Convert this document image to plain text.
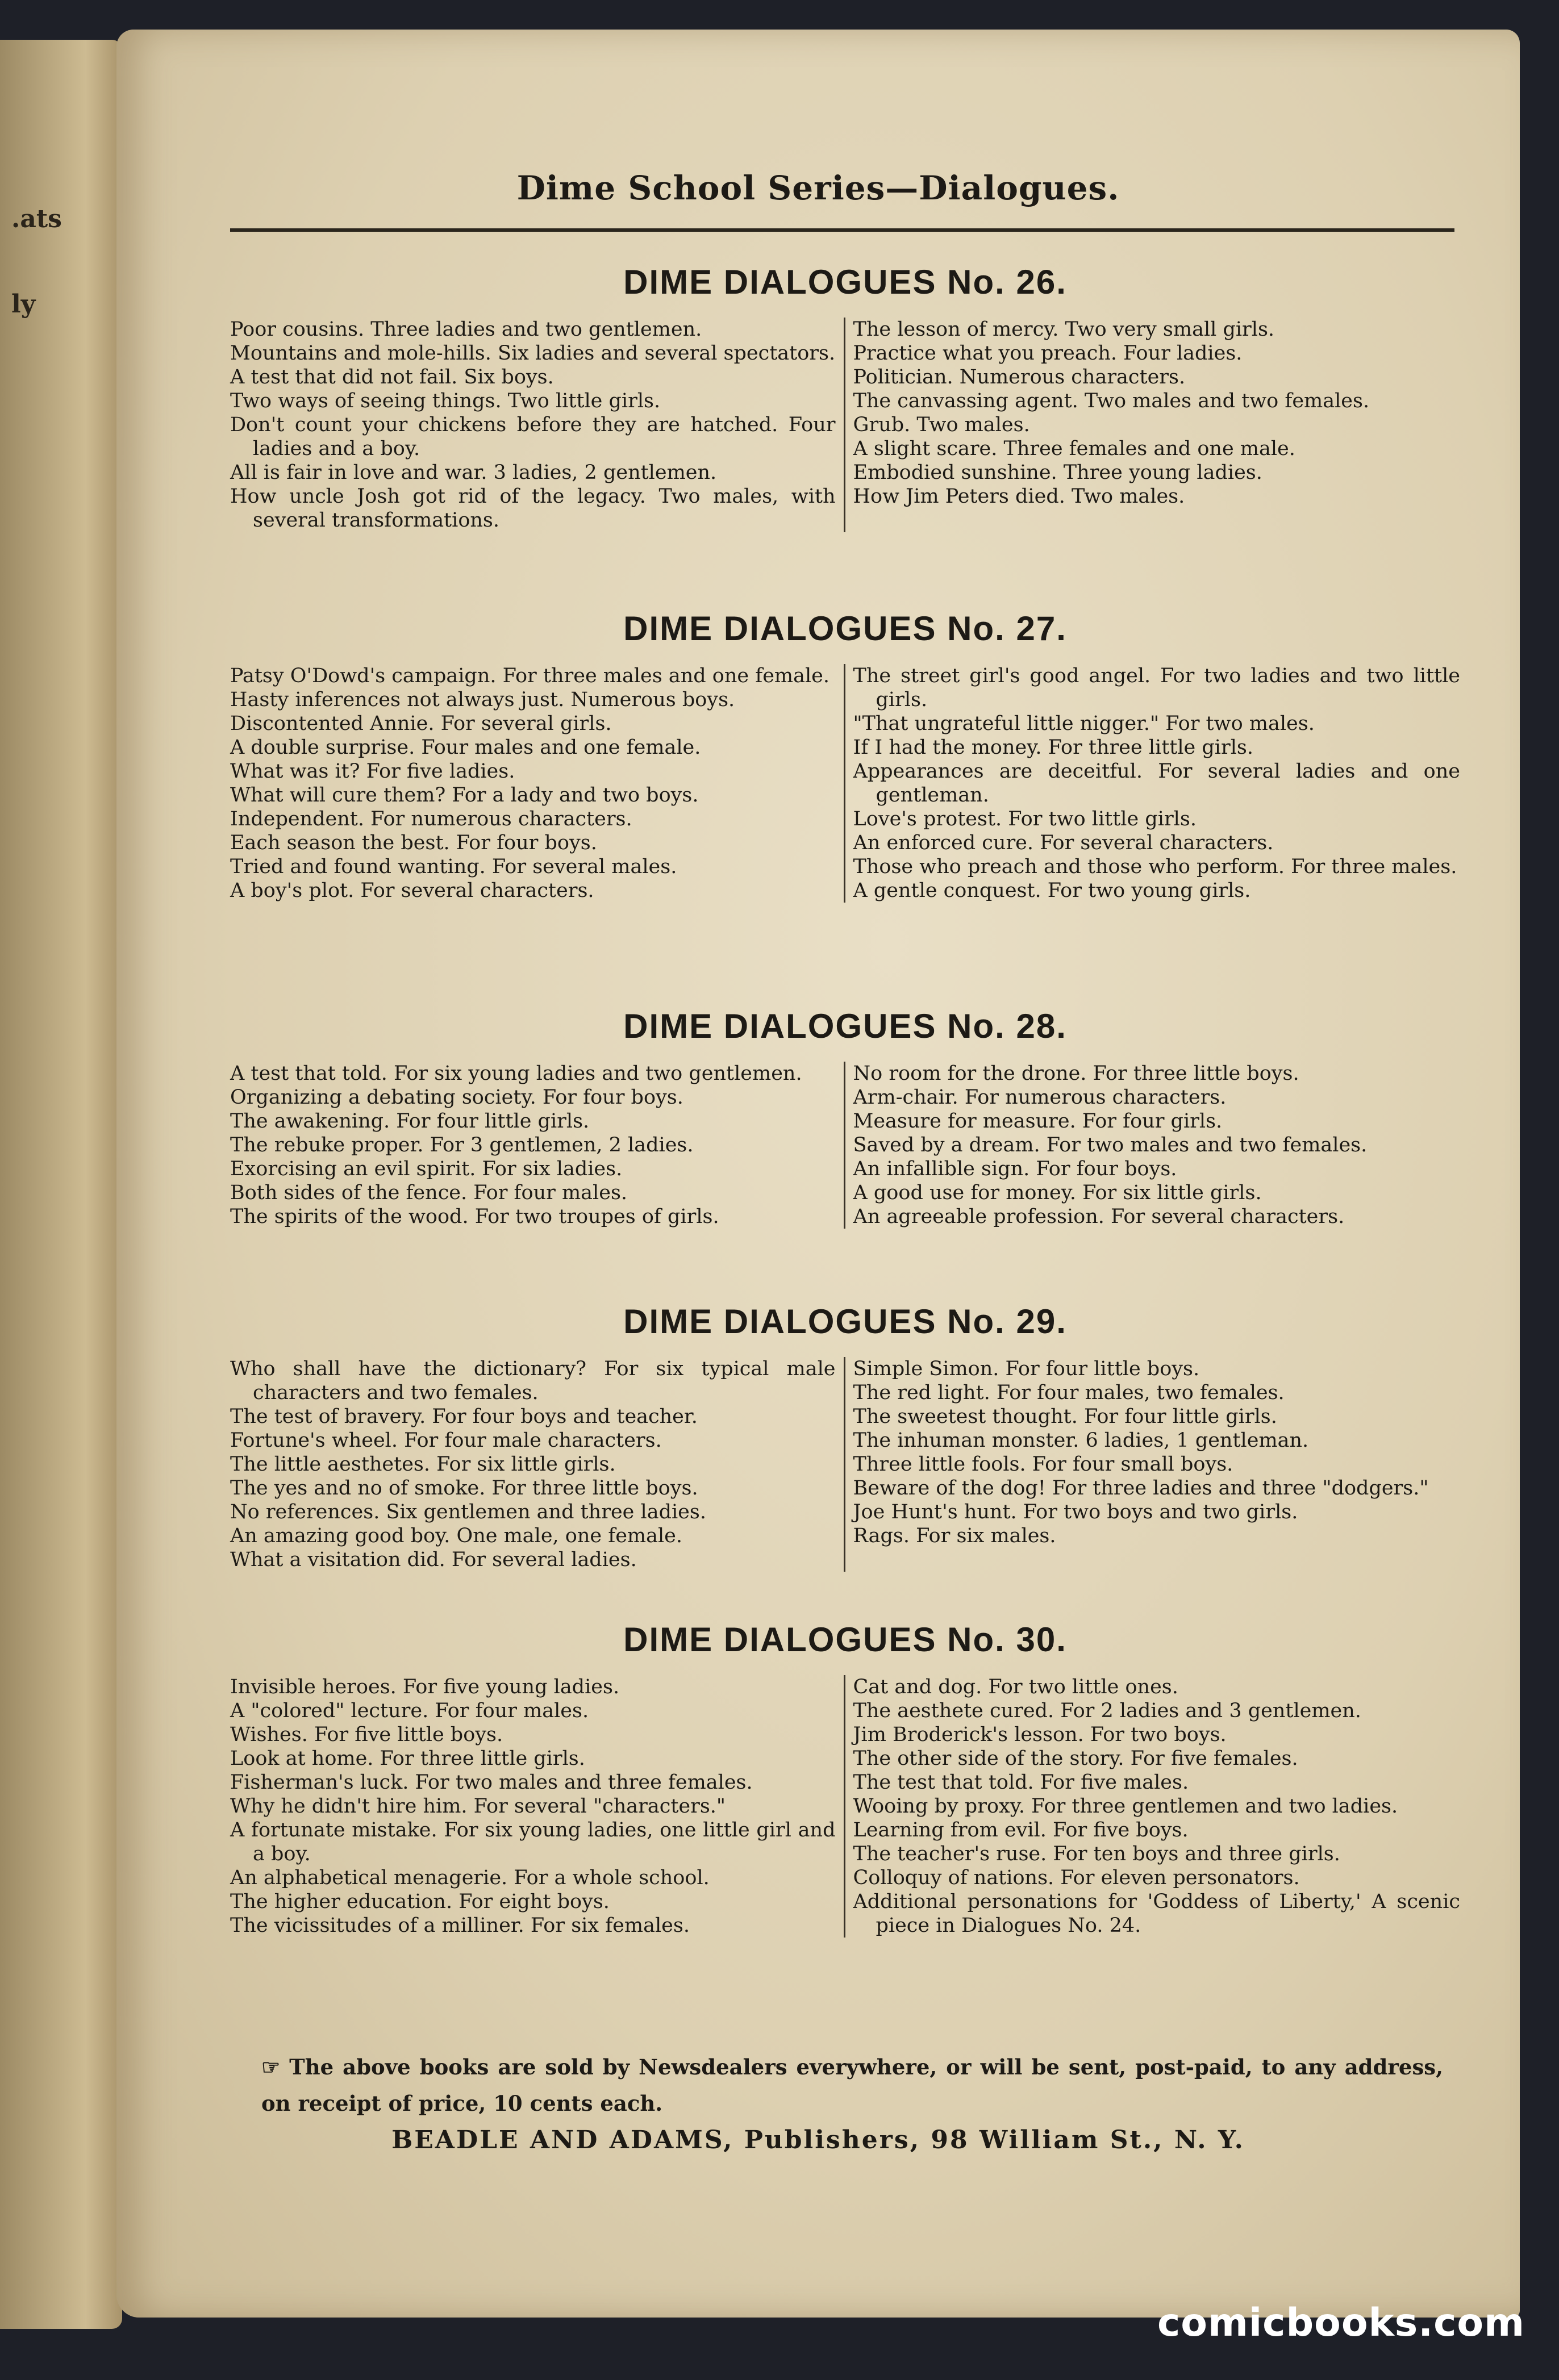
.ats
ly
Dime School Series—Dialogues.
DIME DIALOGUES No. 26.
Poor cousins. Three ladies and two gentlemen.
Mountains and mole-hills. Six ladies and several spectators.
A test that did not fail. Six boys.
Two ways of seeing things. Two little girls.
Don't count your chickens before they are hatched. Four ladies and a boy.
All is fair in love and war. 3 ladies, 2 gentlemen.
How uncle Josh got rid of the legacy. Two males, with several transformations.
The lesson of mercy. Two very small girls.
Practice what you preach. Four ladies.
Politician. Numerous characters.
The canvassing agent. Two males and two females.
Grub. Two males.
A slight scare. Three females and one male.
Embodied sunshine. Three young ladies.
How Jim Peters died. Two males.
DIME DIALOGUES No. 27.
Patsy O'Dowd's campaign. For three males and one female.
Hasty inferences not always just. Numerous boys.
Discontented Annie. For several girls.
A double surprise. Four males and one female.
What was it? For five ladies.
What will cure them? For a lady and two boys.
Independent. For numerous characters.
Each season the best. For four boys.
Tried and found wanting. For several males.
A boy's plot. For several characters.
The street girl's good angel. For two ladies and two little girls.
"That ungrateful little nigger." For two males.
If I had the money. For three little girls.
Appearances are deceitful. For several ladies and one gentleman.
Love's protest. For two little girls.
An enforced cure. For several characters.
Those who preach and those who perform. For three males.
A gentle conquest. For two young girls.
DIME DIALOGUES No. 28.
A test that told. For six young ladies and two gentlemen.
Organizing a debating society. For four boys.
The awakening. For four little girls.
The rebuke proper. For 3 gentlemen, 2 ladies.
Exorcising an evil spirit. For six ladies.
Both sides of the fence. For four males.
The spirits of the wood. For two troupes of girls.
No room for the drone. For three little boys.
Arm-chair. For numerous characters.
Measure for measure. For four girls.
Saved by a dream. For two males and two females.
An infallible sign. For four boys.
A good use for money. For six little girls.
An agreeable profession. For several characters.
DIME DIALOGUES No. 29.
Who shall have the dictionary? For six typical male characters and two females.
The test of bravery. For four boys and teacher.
Fortune's wheel. For four male characters.
The little aesthetes. For six little girls.
The yes and no of smoke. For three little boys.
No references. Six gentlemen and three ladies.
An amazing good boy. One male, one female.
What a visitation did. For several ladies.
Simple Simon. For four little boys.
The red light. For four males, two females.
The sweetest thought. For four little girls.
The inhuman monster. 6 ladies, 1 gentleman.
Three little fools. For four small boys.
Beware of the dog! For three ladies and three "dodgers."
Joe Hunt's hunt. For two boys and two girls.
Rags. For six males.
DIME DIALOGUES No. 30.
Invisible heroes. For five young ladies.
A "colored" lecture. For four males.
Wishes. For five little boys.
Look at home. For three little girls.
Fisherman's luck. For two males and three females.
Why he didn't hire him. For several "characters."
A fortunate mistake. For six young ladies, one little girl and a boy.
An alphabetical menagerie. For a whole school.
The higher education. For eight boys.
The vicissitudes of a milliner. For six females.
Cat and dog. For two little ones.
The aesthete cured. For 2 ladies and 3 gentlemen.
Jim Broderick's lesson. For two boys.
The other side of the story. For five females.
The test that told. For five males.
Wooing by proxy. For three gentlemen and two ladies.
Learning from evil. For five boys.
The teacher's ruse. For ten boys and three girls.
Colloquy of nations. For eleven personators.
Additional personations for 'Goddess of Liberty,' A scenic piece in Dialogues No. 24.
☞ The above books are sold by Newsdealers everywhere, or will be sent, post-paid, to any address, on receipt of price, 10 cents each.
BEADLE AND ADAMS, Publishers, 98 William St., N. Y.
comicbooks.com
